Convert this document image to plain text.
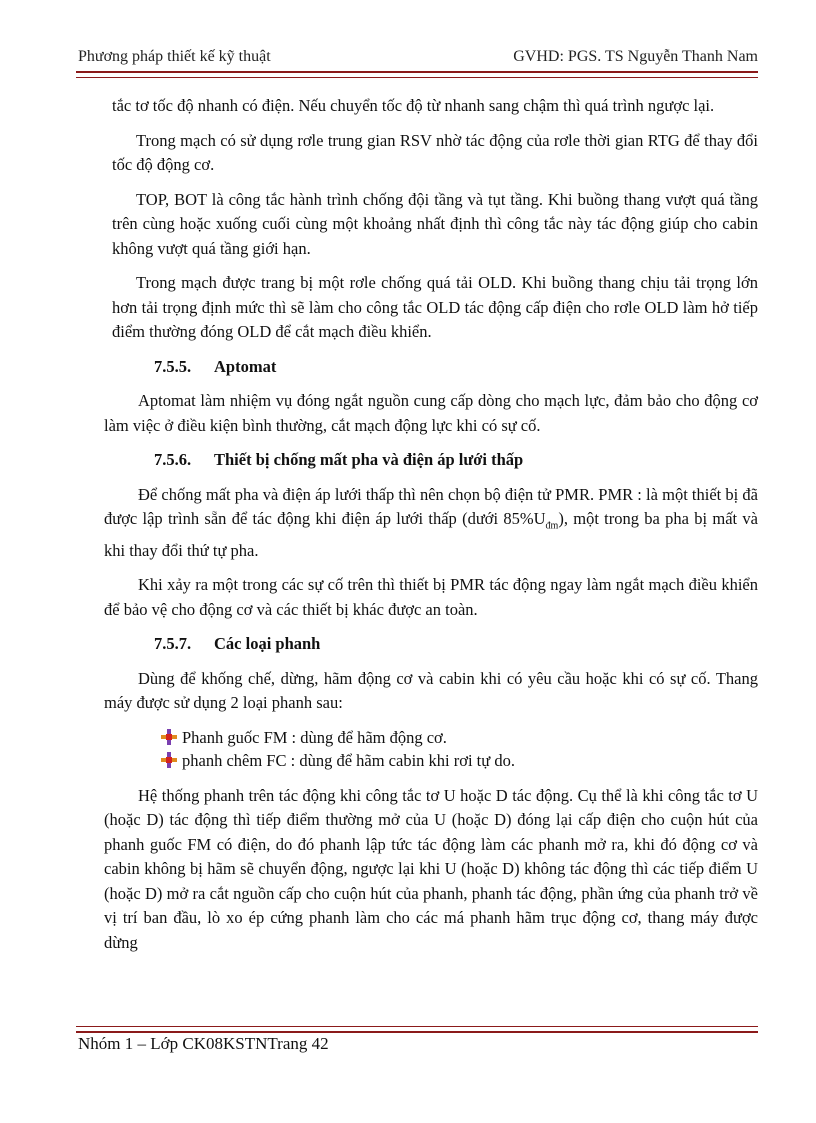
Phương pháp thiết kế kỹ thuật	GVHD: PGS. TS Nguyễn Thanh Nam

tắc tơ tốc độ nhanh có điện. Nếu chuyển tốc độ từ nhanh sang chậm thì quá trình ngược lại.

Trong mạch có sử dụng rơle trung gian RSV nhờ tác động của rơle thời gian RTG để thay đổi tốc độ động cơ.

TOP, BOT là công tắc hành trình chống đội tầng và tụt tầng. Khi buồng thang vượt quá tầng trên cùng hoặc xuống cuối cùng một khoảng nhất định thì công tắc này tác động giúp cho cabin không vượt quá tầng giới hạn.

Trong mạch được trang bị một rơle chống quá tải OLD. Khi buồng thang chịu tải trọng lớn hơn tải trọng định mức thì sẽ làm cho công tắc OLD tác động cấp điện cho rơle OLD làm hở tiếp điểm thường đóng OLD để cắt mạch điều khiển.

7.5.5. Aptomat

Aptomat làm nhiệm vụ đóng ngắt nguồn cung cấp dòng cho mạch lực, đảm bảo cho động cơ làm việc ở điều kiện bình thường, cắt mạch động lực khi có sự cố.

7.5.6. Thiết bị chống mất pha và điện áp lưới thấp

Để chống mất pha và điện áp lưới thấp thì nên chọn bộ điện tử PMR. PMR : là một thiết bị đã được lập trình sẵn để tác động khi điện áp lưới thấp (dưới $85\%U_{đm}$), một trong ba pha bị mất và khi thay đổi thứ tự pha.

Khi xảy ra một trong các sự cố trên thì thiết bị PMR tác động ngay làm ngắt mạch điều khiển để bảo vệ cho động cơ và các thiết bị khác được an toàn.

7.5.7. Các loại phanh

Dùng để khống chế, dừng, hãm động cơ và cabin khi có yêu cầu hoặc khi có sự cố. Thang máy được sử dụng 2 loại phanh sau:

Phanh guốc FM : dùng để hãm động cơ.
phanh chêm FC : dùng để hãm cabin khi rơi tự do.

Hệ thống phanh trên tác động khi công tắc tơ U hoặc D tác động. Cụ thể là khi công tắc tơ U (hoặc D) tác động thì tiếp điểm thường mở của U (hoặc D) đóng lại cấp điện cho cuộn hút của phanh guốc FM có điện, do đó phanh lập tức tác động làm các phanh mở ra, khi đó động cơ và cabin không bị hãm sẽ chuyển động, ngược lại khi U (hoặc D) không tác động thì các tiếp điểm U (hoặc D) mở ra cắt nguồn cấp cho cuộn hút của phanh, phanh tác động, phần ứng của phanh trở về vị trí ban đầu, lò xo ép cứng phanh làm cho các má phanh hãm trục động cơ, thang máy được dừng

Nhóm 1 – Lớp CK08KSTNTrang 42
